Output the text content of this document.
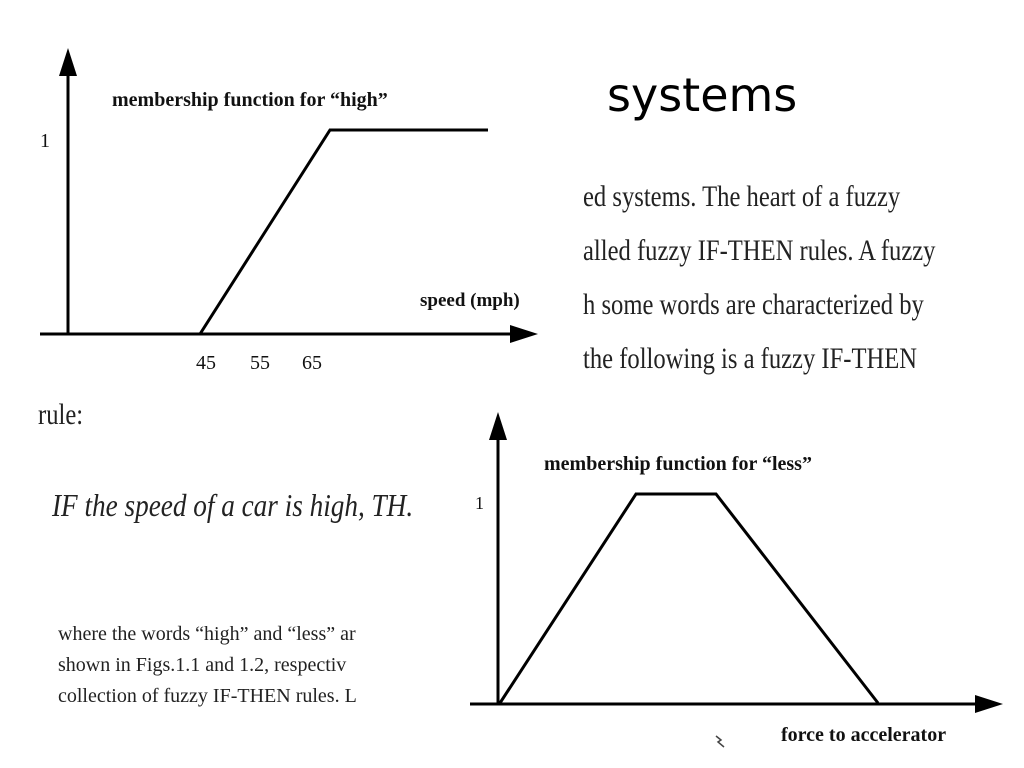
systems
ed systems. The heart of a fuzzy
alled fuzzy IF-THEN rules. A fuzzy
h some words are characterized by
the following is a fuzzy IF-THEN
rule:
IF the speed of a car is high, TH.
where the words “high” and “less” ar
shown in Figs.1.1 and 1.2, respectiv
collection of fuzzy IF-THEN rules. L
membership function for “high”
speed (mph)
1
45 55 65
membership function for “less”
force to accelerator
1
